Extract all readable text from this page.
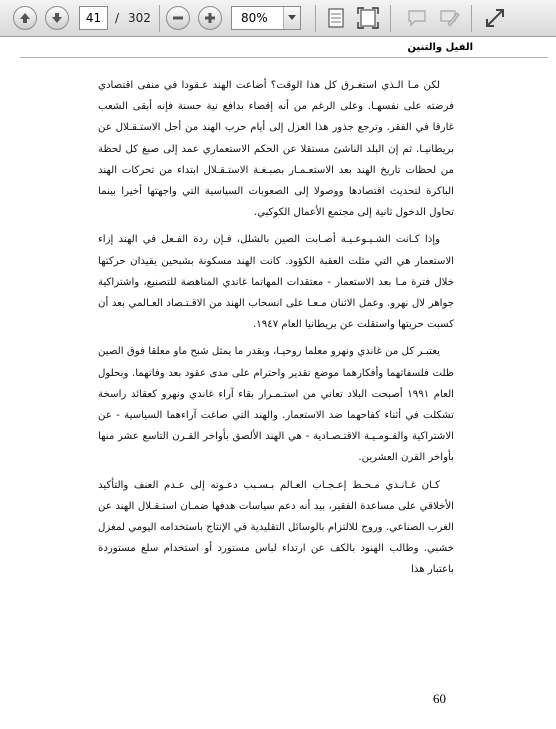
41	/ 302	80%
الفيل والتنين

لكن مـا الـذي استغـرق كل هذا الوقت؟ أضاعت الهند عـقودا في منفى اقتصادي فرضته على نفسهـا. وعلى الرغم من أنه إقصاء بدافع نية حسنة فإنه أبقى الشعب غارقا في الفقر. وترجع جذور هذا العزل إلى أيام حرب الهند من أجل الاستـقـلال عن بريطانيـا. ثم إن البلد الناشئ مستقلا عن الحكم الاستعماري عمد إلى صبغ كل لحظة من لحظات تاريخ الهند بعد الاستعـمـار بصبـغـة الاستـقـلال ابتداء من تحركات الهند الباكرة لتحديث اقتصادها ووصولا إلى الصعوبات السياسية التي واجهتها أخيرا بينما تحاول الدخول ثانية إلى مجتمع الأعمال الكوكبي.

وإذا كـانت الشـيـوعـيـة أصـابت الصين بالشلل، فـإن ردة الفـعل في الهند إزاء الاستعمار هي التي مثلت العقبة الكؤود. كانت الهند مسكونة بشبحين يقيدان حركتها خلال فترة مـا بعد الاستعمار - معتقدات المهاتما غاندي المناهضة للتصنيع، واشتراكية جواهر لال نهرو. وعمل الاثنان مـعـا على انسحاب الهند من الاقـتـصاد العـالمي بعد أن كسبت حريتها واستقلت عن بريطانيا العام ١٩٤٧.

يعتبـر كل من غاندي ونهرو معلما روحيـا، وبقدر ما يمثل شبح ماو معلقا فوق الصين ظلت فلسفاتهما وأفكارهما موضع تقدير واحترام على مدى عقود بعد وفاتهما. وبحلول العام ١٩٩١ أصبحت البلاد تعاني من استـمـرار بقاء آراء غاندي ونهرو كعقائد راسخة تشكلت في أثناء كفاحهما ضد الاستعمار. والهند التي صاغت آراءهما السياسية - عن الاشتراكية والقـومـيـة الاقتـصـادية - هي الهند الألصق بأواخر القـرن التاسع عشر منها بأواخر القرن العشرين.

كـان غـانـدي مـحـط إعـجـاب العـالم بـسـبب دعـوته إلى عـدم العنف والتأكيد الأخلاقي على مساعدة الفقير، بيد أنه دعم سياسات هدفها ضمـان استـقـلال الهند عن الغرب الصناعي. وروج للالتزام بالوسائل التقليدية في الإنتاج باستخدامه اليومي لمغزل خشبي. وطالب الهنود بالكف عن ارتداء لباس مستورد أو استخدام سلع مستوردة باعتبار هذا

60
